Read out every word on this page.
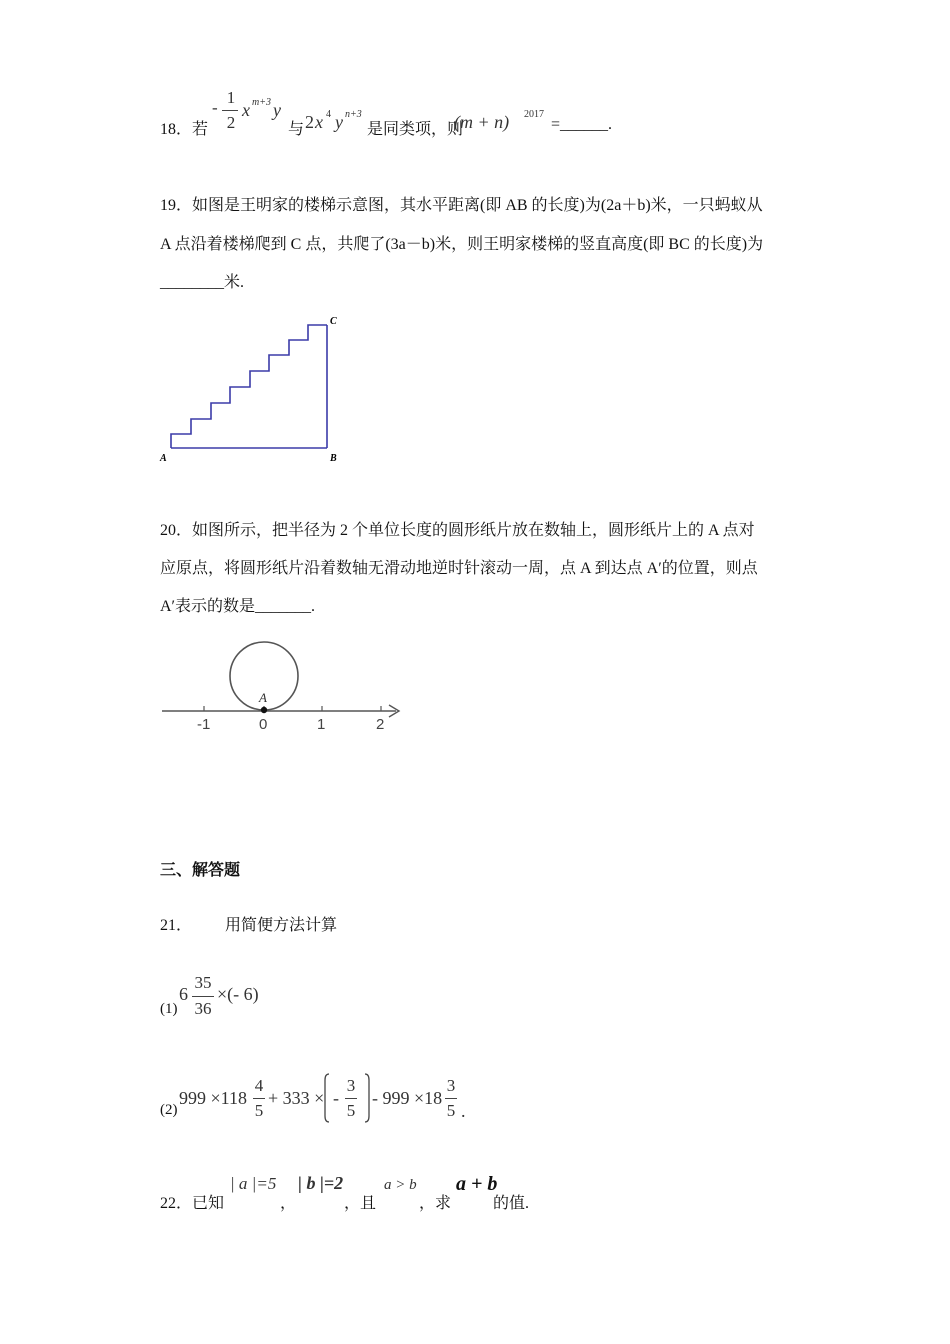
18．若
-
1
2
x m+3 y
与 2 x 4 y n+3
是同类项，则
(m + n) 2017
=______.
19．如图是王明家的楼梯示意图，其水平距离(即 AB 的长度)为(2a＋b)米，一只蚂蚁从
A 点沿着楼梯爬到 C 点，共爬了(3a－b)米，则王明家楼梯的竖直高度(即 BC 的长度)为
________米.
A	B
C
20．如图所示，把半径为 2 个单位长度的圆形纸片放在数轴上，圆形纸片上的 A 点对
应原点，将圆形纸片沿着数轴无滑动地逆时针滚动一周，点 A 到达点 A′的位置，则点
A′表示的数是_______.
A
-1	0	1	2
三、解答题
21． 用简便方法计算
(1)
6
35
36
×(- 6)
(2)
999 ×118
4
5
+ 333 × -
3
5
- 999 ×18
3
5 .
22．已知
| a |=5
，
| b |=2
，且
a > b
，求
a + b
的值.
